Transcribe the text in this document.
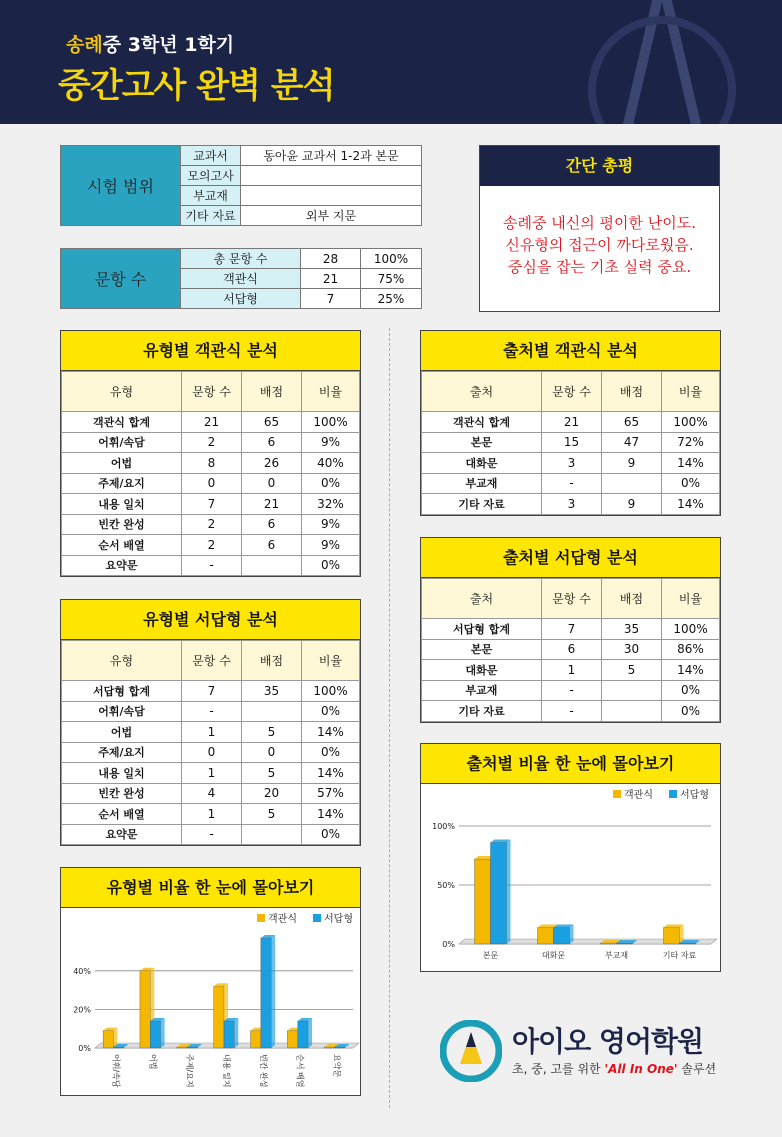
송례중 3학년 1학기
중간고사 완벽 분석
시험 범위	교과서	동아윤 교과서 1-2과 본문
	모의고사	
	부교재	
	기타 자료	외부 지문
문항 수	총 문항 수	28	100%
	객관식	21	75%
	서답형	7	25%
간단 총평
송례중 내신의 평이한 난이도.
신유형의 접근이 까다로웠음.
중심을 잡는 기초 실력 중요.
유형별 객관식 분석
유형	문항 수	배점	비율
객관식 합계	21	65	100%
어휘/속담	2	6	9%
어법	8	26	40%
주제/요지	0	0	0%
내용 일치	7	21	32%
빈칸 완성	2	6	9%
순서 배열	2	6	9%
요약문	-		0%
유형별 서답형 분석
유형	문항 수	배점	비율
서답형 합계	7	35	100%
어휘/속담	-		0%
어법	1	5	14%
주제/요지	0	0	0%
내용 일치	1	5	14%
빈칸 완성	4	20	57%
순서 배열	1	5	14%
요약문	-		0%
출처별 객관식 분석
출처	문항 수	배점	비율
객관식 합계	21	65	100%
본문	15	47	72%
대화문	3	9	14%
부교재	-		0%
기타 자료	3	9	14%
출처별 서답형 분석
출처	문항 수	배점	비율
서답형 합계	7	35	100%
본문	6	30	86%
대화문	1	5	14%
부교재	-		0%
기타 자료	-		0%
출처별 비율 한 눈에 몰아보기
객관식	서답형
0%
50%
100%
본문	대화문	부교재	기타 자료
유형별 비율 한 눈에 몰아보기
객관식	서답형
0%
20%
40%
어휘/속담	어법	주제/요지	내용 일치	빈칸 완성	순서 배열	요약문
아이오 영어학원
초, 중, 고를 위한 'All In One' 솔루션
